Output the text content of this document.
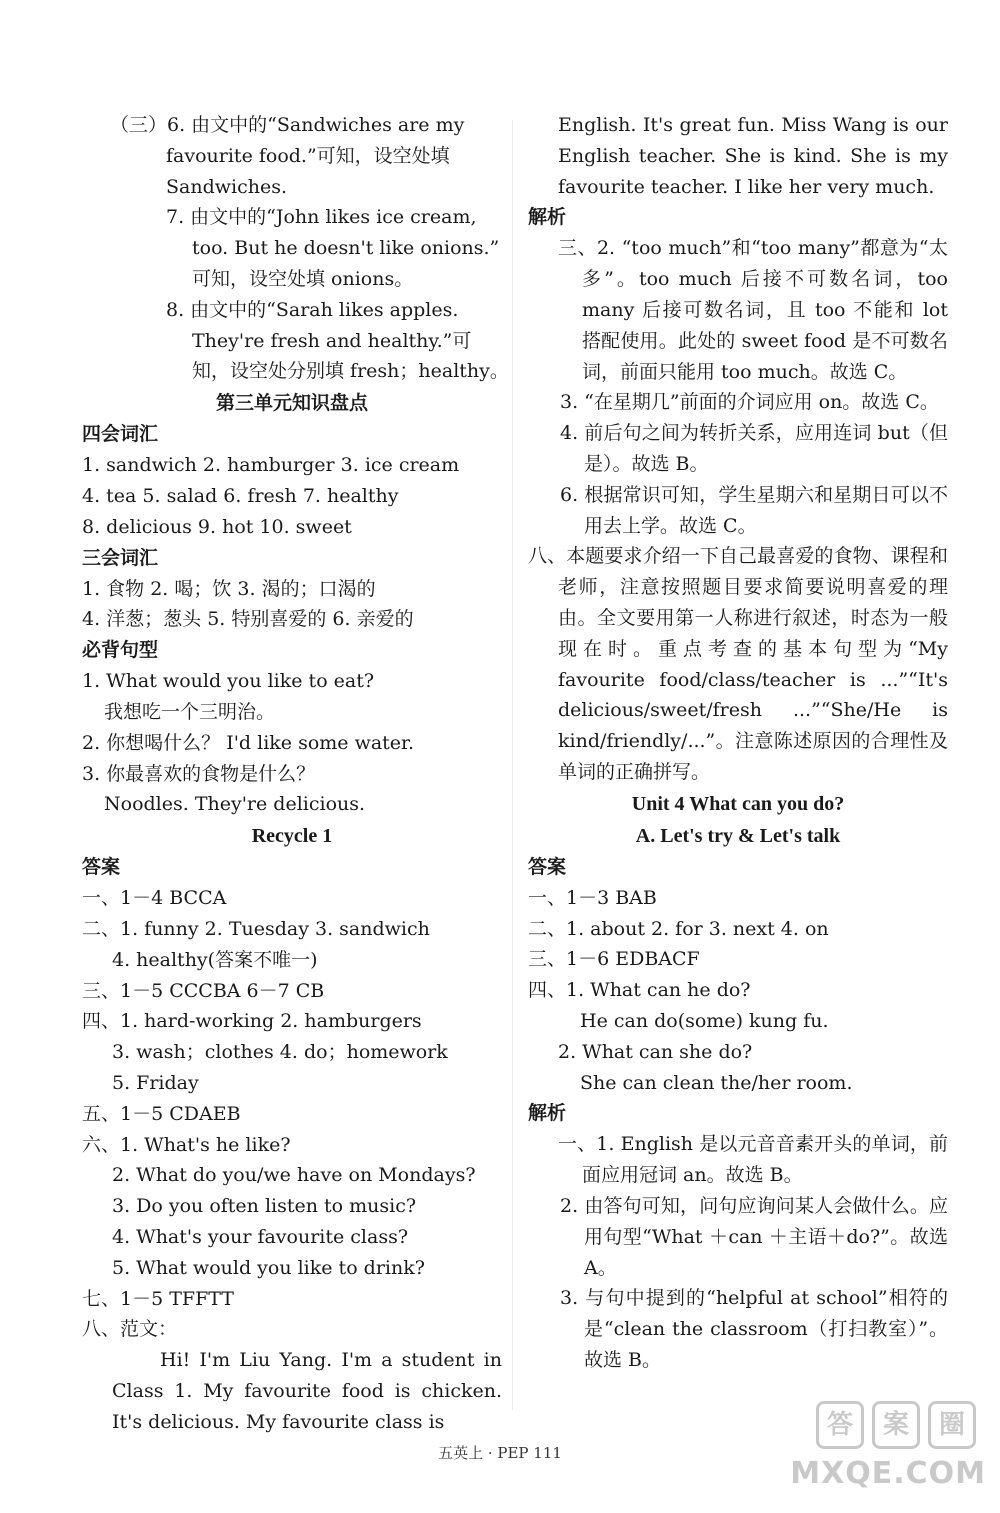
（三）6. 由文中的“Sandwiches are my

favourite food.”可知，设空处填

Sandwiches.

7. 由文中的“John likes ice cream,

too. But he doesn't like onions.”

可知，设空处填 onions。

8. 由文中的“Sarah likes apples.

They're fresh and healthy.”可

知，设空处分别填 fresh；healthy。

第三单元知识盘点

四会词汇

1. sandwich 2. hamburger 3. ice cream

4. tea 5. salad 6. fresh 7. healthy

8. delicious 9. hot 10. sweet

三会词汇

1. 食物 2. 喝；饮 3. 渴的；口渴的

4. 洋葱；葱头 5. 特别喜爱的 6. 亲爱的

必背句型

1. What would you like to eat?

我想吃一个三明治。

2. 你想喝什么？ I'd like some water.

3. 你最喜欢的食物是什么？

Noodles. They're delicious.

Recycle 1

答案

一、1－4 BCCA

二、1. funny 2. Tuesday 3. sandwich

4. healthy(答案不唯一)

三、1－5 CCCBA 6－7 CB

四、1. hard-working 2. hamburgers

3. wash；clothes 4. do；homework

5. Friday

五、1－5 CDAEB

六、1. What's he like?

2. What do you/we have on Mondays?

3. Do you often listen to music?

4. What's your favourite class?

5. What would you like to drink?

七、1－5 TFFTT

八、范文：

Hi! I'm Liu Yang. I'm a student in Class 1. My favourite food is chicken. It's delicious. My favourite class is

English. It's great fun. Miss Wang is our English teacher. She is kind. She is my favourite teacher. I like her very much.

解析

三、2. “too much”和“too many”都意为“太多”。too much 后接不可数名词，too many 后接可数名词，且 too 不能和 lot 搭配使用。此处的 sweet food 是不可数名词，前面只能用 too much。故选 C。

3. “在星期几”前面的介词应用 on。故选 C。

4. 前后句之间为转折关系，应用连词 but（但是）。故选 B。

6. 根据常识可知，学生星期六和星期日可以不用去上学。故选 C。

八、本题要求介绍一下自己最喜爱的食物、课程和老师，注意按照题目要求简要说明喜爱的理由。全文要用第一人称进行叙述，时态为一般现在时。重点考查的基本句型为“My favourite food/class/teacher is ...”“It's delicious/sweet/fresh ...”“She/He is kind/friendly/...”。注意陈述原因的合理性及单词的正确拼写。

Unit 4 What can you do?

A. Let's try & Let's talk

答案

一、1－3 BAB

二、1. about 2. for 3. next 4. on

三、1－6 EDBACF

四、1. What can he do?

He can do(some) kung fu.

2. What can she do?

She can clean the/her room.

解析

一、1. English 是以元音音素开头的单词，前面应用冠词 an。故选 B。

2. 由答句可知，问句应询问某人会做什么。应用句型“What ＋can ＋主语＋do?”。故选 A。

3. 与句中提到的“helpful at school”相符的是“clean the classroom（打扫教室）”。故选 B。

五英上 · PEP 111
答	案	圈
MXQE.COM
